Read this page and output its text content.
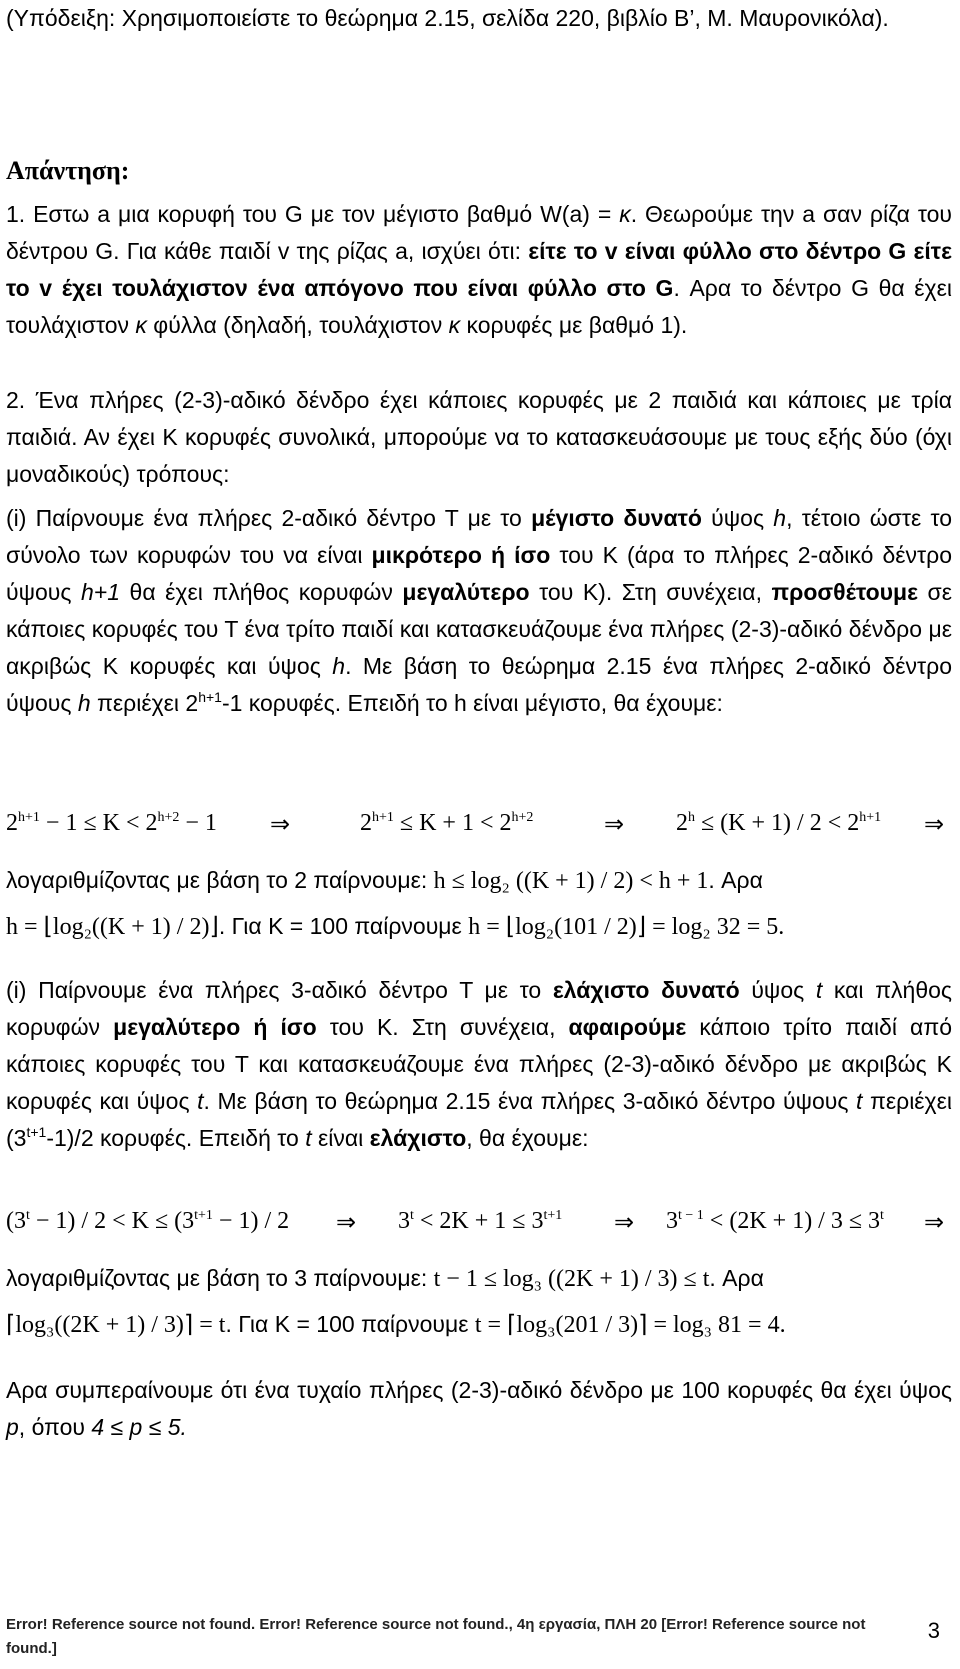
(Υπόδειξη: Χρησιμοποιείστε το θεώρημα 2.15, σελίδα 220, βιβλίο Β’, Μ. Μαυρονικόλα).

Απάντηση:

1. Εστω a μια κορυφή του G με τον μέγιστο βαθμό W(a) = κ. Θεωρούμε την a σαν ρίζα του δέντρου G. Για κάθε παιδί v της ρίζας a, ισχύει ότι: είτε το v είναι φύλλο στο δέντρο G είτε το v έχει τουλάχιστον ένα απόγονο που είναι φύλλο στο G. Αρα το δέντρο G θα έχει τουλάχιστον κ φύλλα (δηλαδή, τουλάχιστον κ κορυφές με βαθμό 1).

2. Ένα πλήρες (2-3)-αδικό δένδρο έχει κάποιες κορυφές με 2 παιδιά και κάποιες με τρία παιδιά. Αν έχει Κ κορυφές συνολικά, μπορούμε να το κατασκευάσουμε με τους εξής δύο (όχι μοναδικούς) τρόπους:

(i) Παίρνουμε ένα πλήρες 2-αδικό δέντρο Τ με το μέγιστο δυνατό ύψος h, τέτοιο ώστε το σύνολο των κορυφών του να είναι μικρότερο ή ίσο του Κ (άρα το πλήρες 2-αδικό δέντρο ύψους h+1 θα έχει πλήθος κορυφών μεγαλύτερο του Κ). Στη συνέχεια, προσθέτουμε σε κάποιες κορυφές του Τ ένα τρίτο παιδί και κατασκευάζουμε ένα πλήρες (2-3)-αδικό δένδρο με ακριβώς Κ κορυφές και ύψος h. Με βάση το θεώρημα 2.15 ένα πλήρες 2-αδικό δέντρο ύψους h περιέχει $2^{h+1}-1$ κορυφές. Επειδή το h είναι μέγιστο, θα έχουμε:

$2^{h+1} - 1 \le K < 2^{h+2} - 1$ ⇒	$2^{h+1} \le K + 1 < 2^{h+2}$	⇒ $2^h \le (K + 1) / 2 < 2^{h+1}$ ⇒

λογαριθμίζοντας με βάση το 2 παίρνουμε: h ≤ log₂ ((K + 1) / 2) < h + 1. Αρα

h = ⌊log₂((K + 1) / 2)⌋. Για Κ = 100 παίρνουμε h = ⌊log₂(101 / 2)⌋ = log₂ 32 = 5.

(i) Παίρνουμε ένα πλήρες 3-αδικό δέντρο Τ με το ελάχιστο δυνατό ύψος t και πλήθος κορυφών μεγαλύτερο ή ίσο του Κ. Στη συνέχεια, αφαιρούμε κάποιο τρίτο παιδί από κάποιες κορυφές του Τ και κατασκευάζουμε ένα πλήρες (2-3)-αδικό δένδρο με ακριβώς Κ κορυφές και ύψος t. Με βάση το θεώρημα 2.15 ένα πλήρες 3-αδικό δέντρο ύψους t περιέχει $(3^{t+1}-1)/2$ κορυφές. Επειδή το t είναι ελάχιστο, θα έχουμε:

$(3^t - 1) / 2 < K \le (3^{t+1} - 1) / 2$ ⇒ $3^t < 2K + 1 \le 3^{t+1}$ ⇒ $3^{t - 1} < (2K + 1) / 3 \le 3^t$ ⇒

λογαριθμίζοντας με βάση το 3 παίρνουμε: t − 1 ≤ log₃ ((2K + 1) / 3) ≤ t. Αρα

⌈log₃((2K + 1) / 3)⌉ = t. Για Κ = 100 παίρνουμε t = ⌈log₃(201 / 3)⌉ = log₃ 81 = 4.

Αρα συμπεραίνουμε ότι ένα τυχαίο πλήρες (2-3)-αδικό δένδρο με 100 κορυφές θα έχει ύψος p, όπου 4 ≤ p ≤ 5.

Error! Reference source not found. Error! Reference source not found., 4η εργασία, ΠΛΗ 20 [Error! Reference source not found.]
3
